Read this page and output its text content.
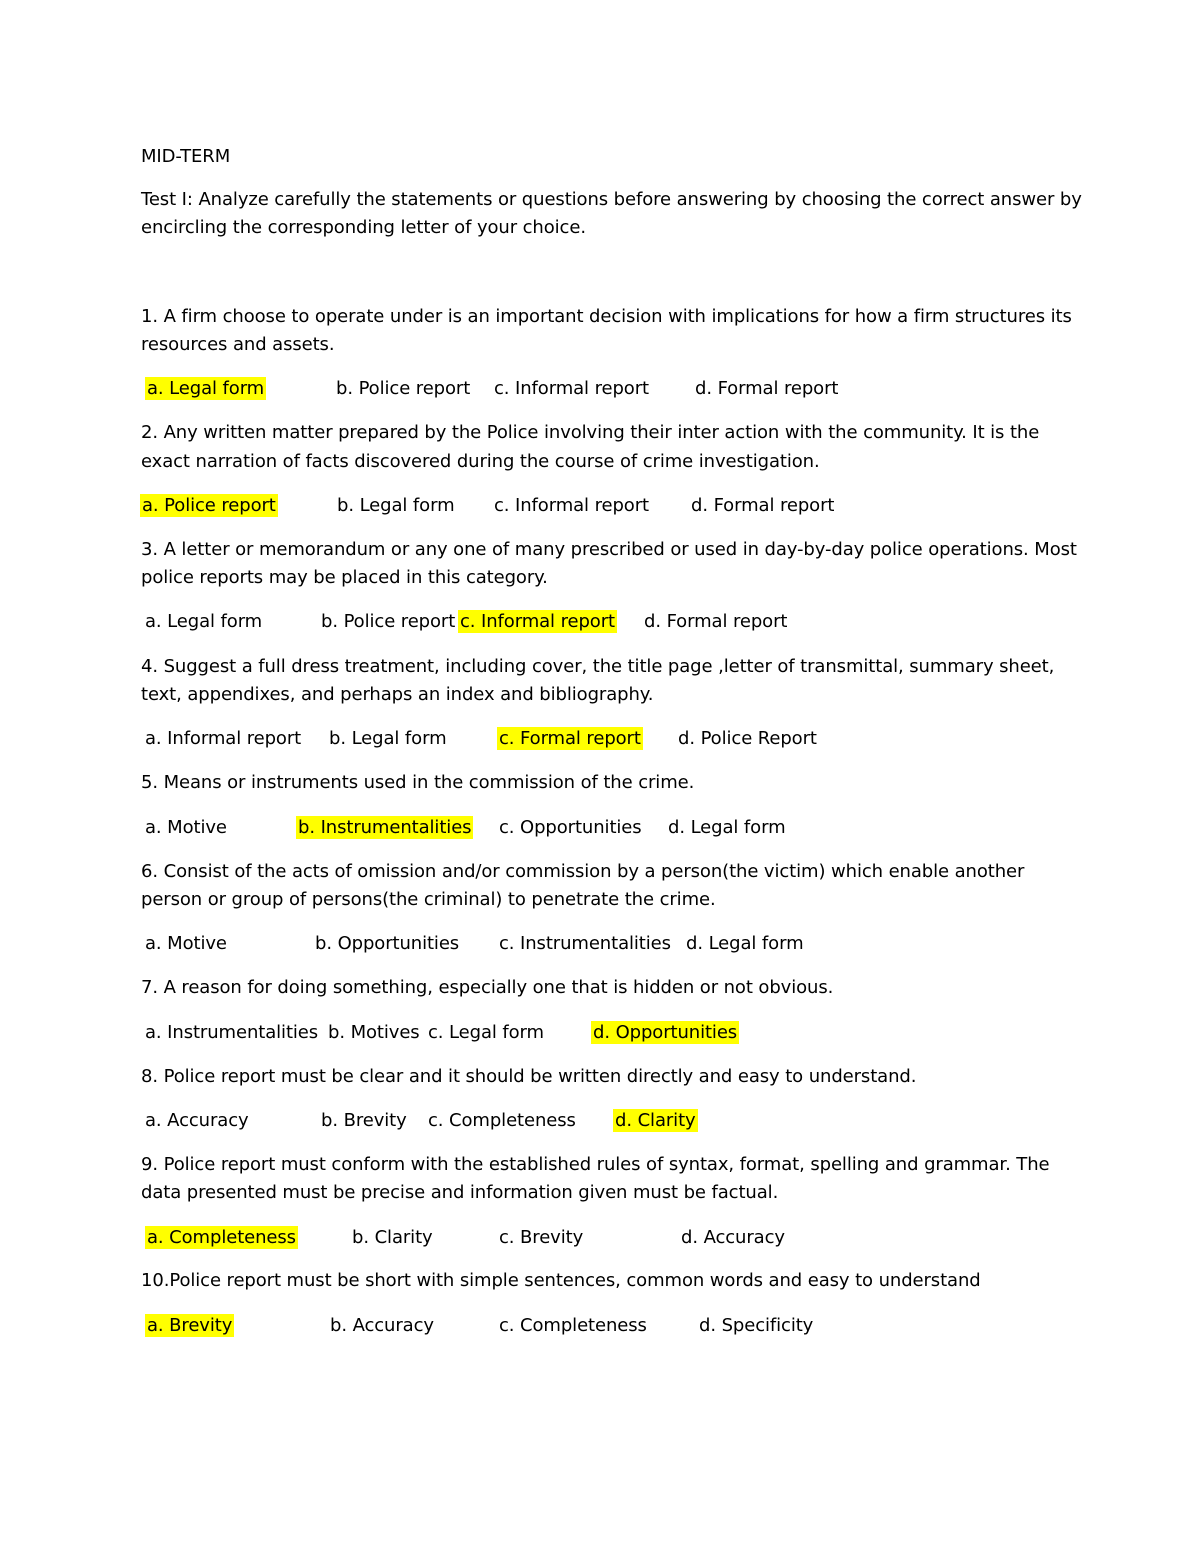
MID-TERM
Test I: Analyze carefully the statements or questions before answering by choosing the correct answer by
encircling the corresponding letter of your choice.
1. A firm choose to operate under is an important decision with implications for how a firm structures its
resources and assets.
a. Legal form	b. Police report c. Informal report	d. Formal report
2. Any written matter prepared by the Police involving their inter action with the community. It is the
exact narration of facts discovered during the course of crime investigation.
a. Police report	b. Legal form c. Informal report d. Formal report
3. A letter or memorandum or any one of many prescribed or used in day-by-day police operations. Most
police reports may be placed in this category.
a. Legal form	b. Police report c. Informal report d. Formal report
4. Suggest a full dress treatment, including cover, the title page ,letter of transmittal, summary sheet,
text, appendixes, and perhaps an index and bibliography.
a. Informal report b. Legal form	c. Formal report d. Police Report
5. Means or instruments used in the commission of the crime.
a. Motive	b. Instrumentalities c. Opportunities d. Legal form
6. Consist of the acts of omission and/or commission by a person(the victim) which enable another
person or group of persons(the criminal) to penetrate the crime.
a. Motive	b. Opportunities c. Instrumentalities d. Legal form
7. A reason for doing something, especially one that is hidden or not obvious.
a. Instrumentalities b. Motives c. Legal form	d. Opportunities
8. Police report must be clear and it should be written directly and easy to understand.
a. Accuracy	b. Brevity c. Completeness d. Clarity
9. Police report must conform with the established rules of syntax, format, spelling and grammar. The
data presented must be precise and information given must be factual.
a. Completeness	b. Clarity	c. Brevity	d. Accuracy
10.Police report must be short with simple sentences, common words and easy to understand
a. Brevity	b. Accuracy	c. Completeness	d. Specificity
